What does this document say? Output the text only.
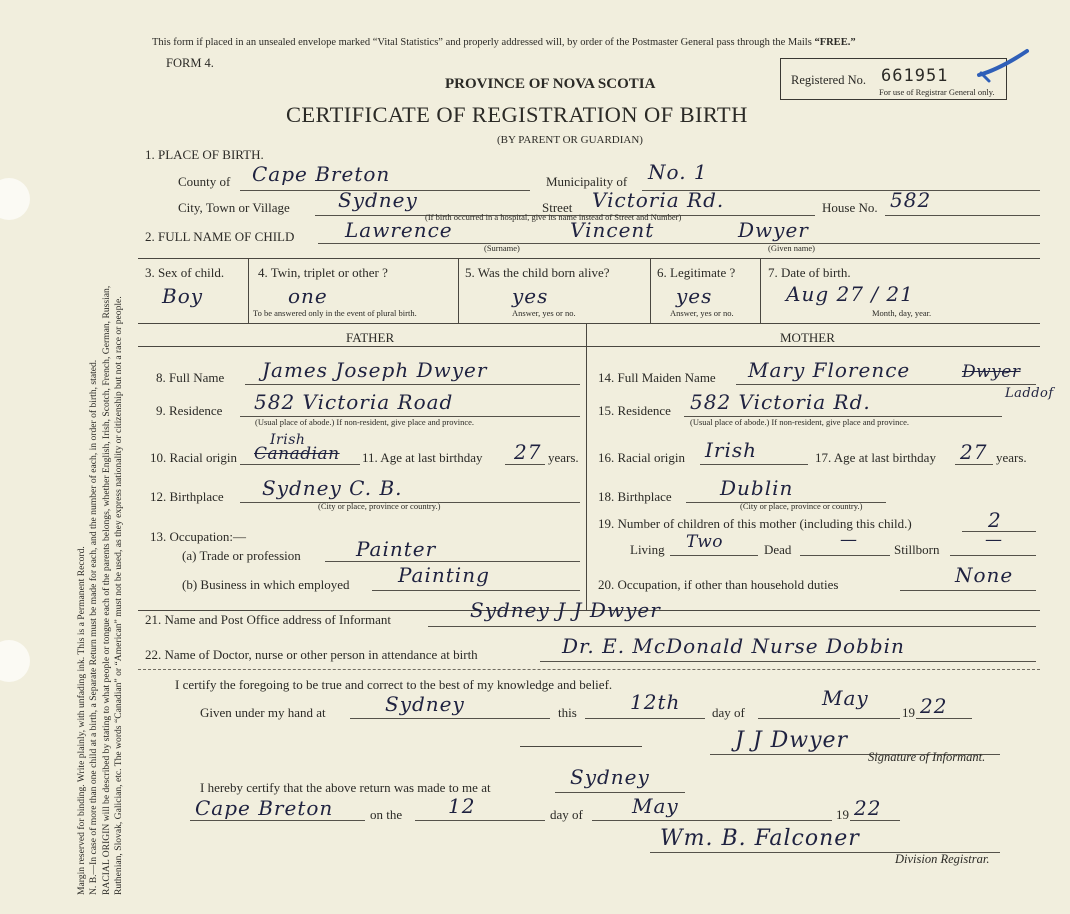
Margin reserved for binding. Write plainly, with unfading ink. This is a Permanent Record. N. B.—In case of more than one child at a birth, a Separate Return must be made for each, and the number of each, in order of birth, stated. RACIAL ORIGIN will be described by stating to what people or tongue each of the parents belongs, whether English, Irish, Scotch, French, German, Russian, Ruthenian, Slovak, Galician, etc. The words “Canadian” or “American” must not be used, as they express nationality or citizenship but not a race or people.
This form if placed in an unsealed envelope marked “Vital Statistics” and properly addressed will, by order of the Postmaster General pass through the Mails “FREE.”
FORM 4.
PROVINCE OF NOVA SCOTIA
CERTIFICATE OF REGISTRATION OF BIRTH
(BY PARENT OR GUARDIAN)
Registered No. 661951
For use of Registrar General only.
1. PLACE OF BIRTH.
County of Cape Breton	Municipality of No. 1
City, Town or Village Sydney	Street Victoria Rd.	House No. 582
(If birth occurred in a hospital, give its name instead of Street and Number)
2. FULL NAME OF CHILD	Lawrence	Vincent	Dwyer
(Surname)	(Given name)
3. Sex of child.
Boy
4. Twin, triplet or other ?
one
To be answered only in the event of plural birth.
5. Was the child born alive?
yes
Answer, yes or no.
6. Legitimate ?
yes
Answer, yes or no.
7. Date of birth.
Aug 27 / 21
Month, day, year.
FATHER	MOTHER
8. Full Name James Joseph Dwyer
9. Residence 582 Victoria Road
(Usual place of abode.) If non-resident, give place and province.
10. Racial origin Canadian
Irish
11. Age at last birthday 27 years.
12. Birthplace Sydney C. B.
(City or place, province or country.)
13. Occupation:—
(a) Trade or profession	Painter
(b) Business in which employed Painting
14. Full Maiden Name Mary Florence	Dwyer
Laddof
15. Residence 582 Victoria Rd.
(Usual place of abode.) If non-resident, give place and province.
16. Racial origin Irish	17. Age at last birthday 27 years.
18. Birthplace Dublin
(City or place, province or country.)
19. Number of children of this mother (including this child.)	2
Living Two	Dead	—	Stillborn	—
20. Occupation, if other than household duties	None
21. Name and Post Office address of Informant	Sydney J J Dwyer
22. Name of Doctor, nurse or other person in attendance at birth	Dr. E. McDonald Nurse Dobbin
I certify the foregoing to be true and correct to the best of my knowledge and belief.
Given under my hand at	Sydney	this	12th day of
May
19 22
J J Dwyer
Signature of Informant.
I hereby certify that the above return was made to me at	Sydney
Cape Breton	on the 12	day of May	19 22
Wm. B. Falconer
Division Registrar.
